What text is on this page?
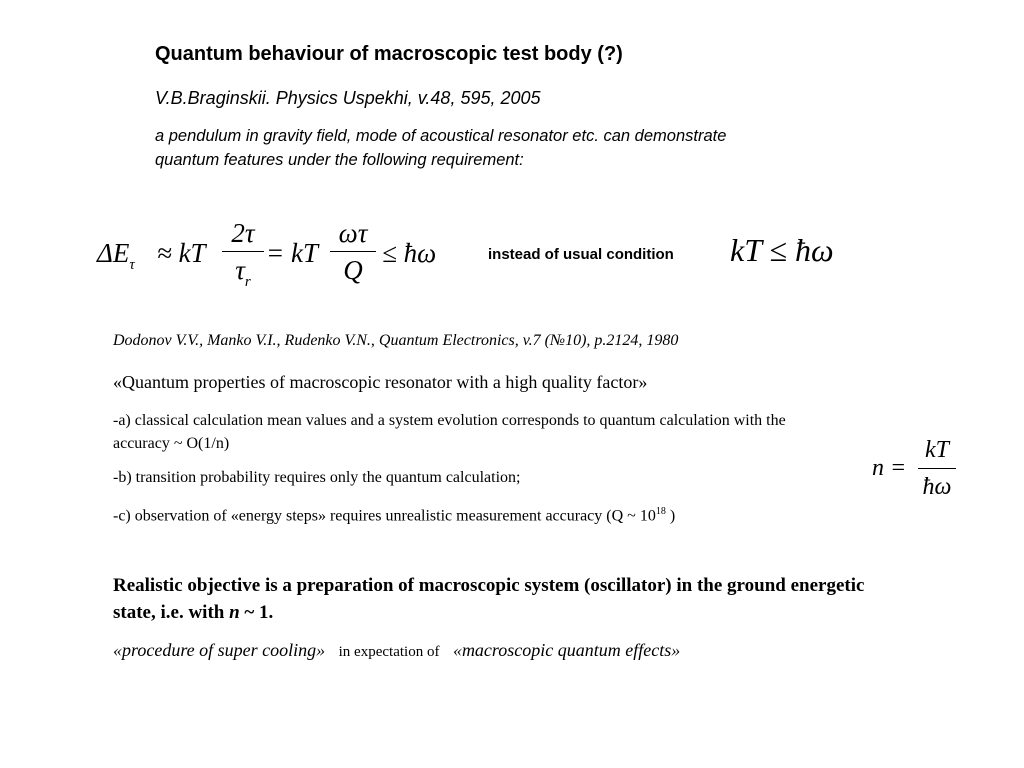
Quantum behaviour of macroscopic test body (?)
V.B.Braginskii. Physics Uspekhi, v.48, 595, 2005
a pendulum in gravity field, mode of acoustical resonator etc. can demonstrate quantum features under the following requirement:
$\Delta E_\tau$ ≈ kT
2τ
$\tau_r$
= kT
ωτ
Q
≤ ħω	instead of usual condition kT ≤ ħω
n =
kT
ħω
Dodonov V.V., Manko V.I., Rudenko V.N., Quantum Electronics, v.7 (№10), p.2124, 1980
«Quantum properties of macroscopic resonator with a high quality factor»
-a) classical calculation mean values and a system evolution corresponds to quantum calculation with the accuracy ~ O(1/n)
-b) transition probability requires only the quantum calculation;
-c) observation of «energy steps» requires unrealistic measurement accuracy (Q ~ $10^{18}$ )
Realistic objective is a preparation of macroscopic system (oscillator) in the ground energetic state, i.e. with n ~ 1.
«procedure of super cooling» in expectation of «macroscopic quantum effects»
